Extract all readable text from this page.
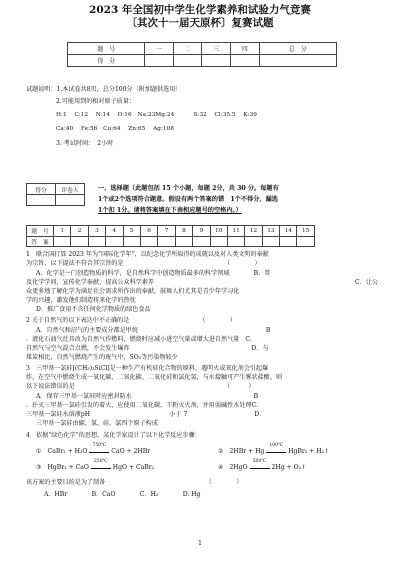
2023 年全国初中学生化学素养和试验力气竞赛
〔其次十一届天原杯〕复赛试题
题　号	一	二	三	四	总　分
得　分					
试题说明：1.本试卷共8页，总分100分〔附加题供选用〕
2.可能用到的相对原子质量：
H:1　 C:12　 N:14　 O:16　Na:23Mg:24　　　 S:32　 Cl:35.5　 K:39
Ca:40　 Fe:56　Cu:64　 Zn:65　 Ag:108
3. 考试时间：　2小时
得分	评卷人
		一、选择题（此题包括 15 个小题，每题 2分，共 30 分。每题有
1个或2个选项符合题意。假设有两个答案的错　1个不得分，漏选
1个扣 1分。请将答案填在下表相应题号的空格内。）
题　号	1	2	3	4	5	6	7	8	9	10	11	12	13	14	15
答　案															
1　联合国打算 2023 年为“国际化学年”，以纪念化学所取得的成就以及对人类文明的奉献
为宗旨，以下提法不符合其宗旨的是　　　　　　　　　　　　　　　　　（　　　　）
A．化学是一门创造物质的科学，是自然科学中创造物质最多的科学领域　　　　B．普
及化学学问，宣传化学奉献，提高公众科学素养	C．让公
众更多地了解化学为满足社会需求所作出的奉献，鼓舞人们尤其是青少年学习化
学的兴趣，激发他们制造将来化学的热忱
D．推广食用不含任何化学物质的绿色食品
2 关于自然气的以下表达中不正确的是　　　　　　　　　　　　（　　　　）
A．自然气和沼气的主要成分都是甲烷　　　　　　　　　　　　　　　　　　　　　B
．液化石油气灶具改为自然气作燃料，燃烧时应减小进空气量或增大进自然气量　C．
自然气与空气混合点燃，不会发生爆炸　　　　　　　　　　　　　　　　　　　　D．与
煤炭相比，自然气燃烧产生的废气中，SO₂等污染物较少
3　三甲基一氯硅[(CH₃)₃SiCl]是一种生产有机硅化合物的原料，遇明火或氧化剂会引起爆
炸，在空气中燃烧生成一氧化碳、二氧化碳、二氧化硅和氯化氢，与水接触可产生雾状盐酸。则
以下说法错误的是　　　　　　　　　　　　　　　　　　　　　　　　　（　　　）
A．保存三甲基一氯硅时应密封防水　　　　　　　　　　　　　　　　　　　　B
．扑灭三甲基一氯硅引发的着火，应使用二氧化碳、干粉灭火剂，并用弱碱性水处理C．
三甲基一氯硅水溶液pH　　　　　　　　　　　　　小于 7　　　　　　　　　　　D．
三甲基一氯硅由碳、氢、硅、氯四个原子构成
4　依据“绿色化学”的思想，某化学家设计了以下化学反应步骤：
①　CaBr₂ + H₂O
750℃
CaO + 2HBr	②　2HBr + Hg
100℃
HgBr₂ + H₂↑
③　HgBr₂ + CaO
250℃
HgO + CaBr₂	④　2HgO
500℃
2Hg + O₂↑
该方案的主要目的是为了制备　　　　　　　　　　　　　　　　　（　　　　）
A．HBr　　　　B．CaO　　　　C．H₂　　　　D. Hg
1
